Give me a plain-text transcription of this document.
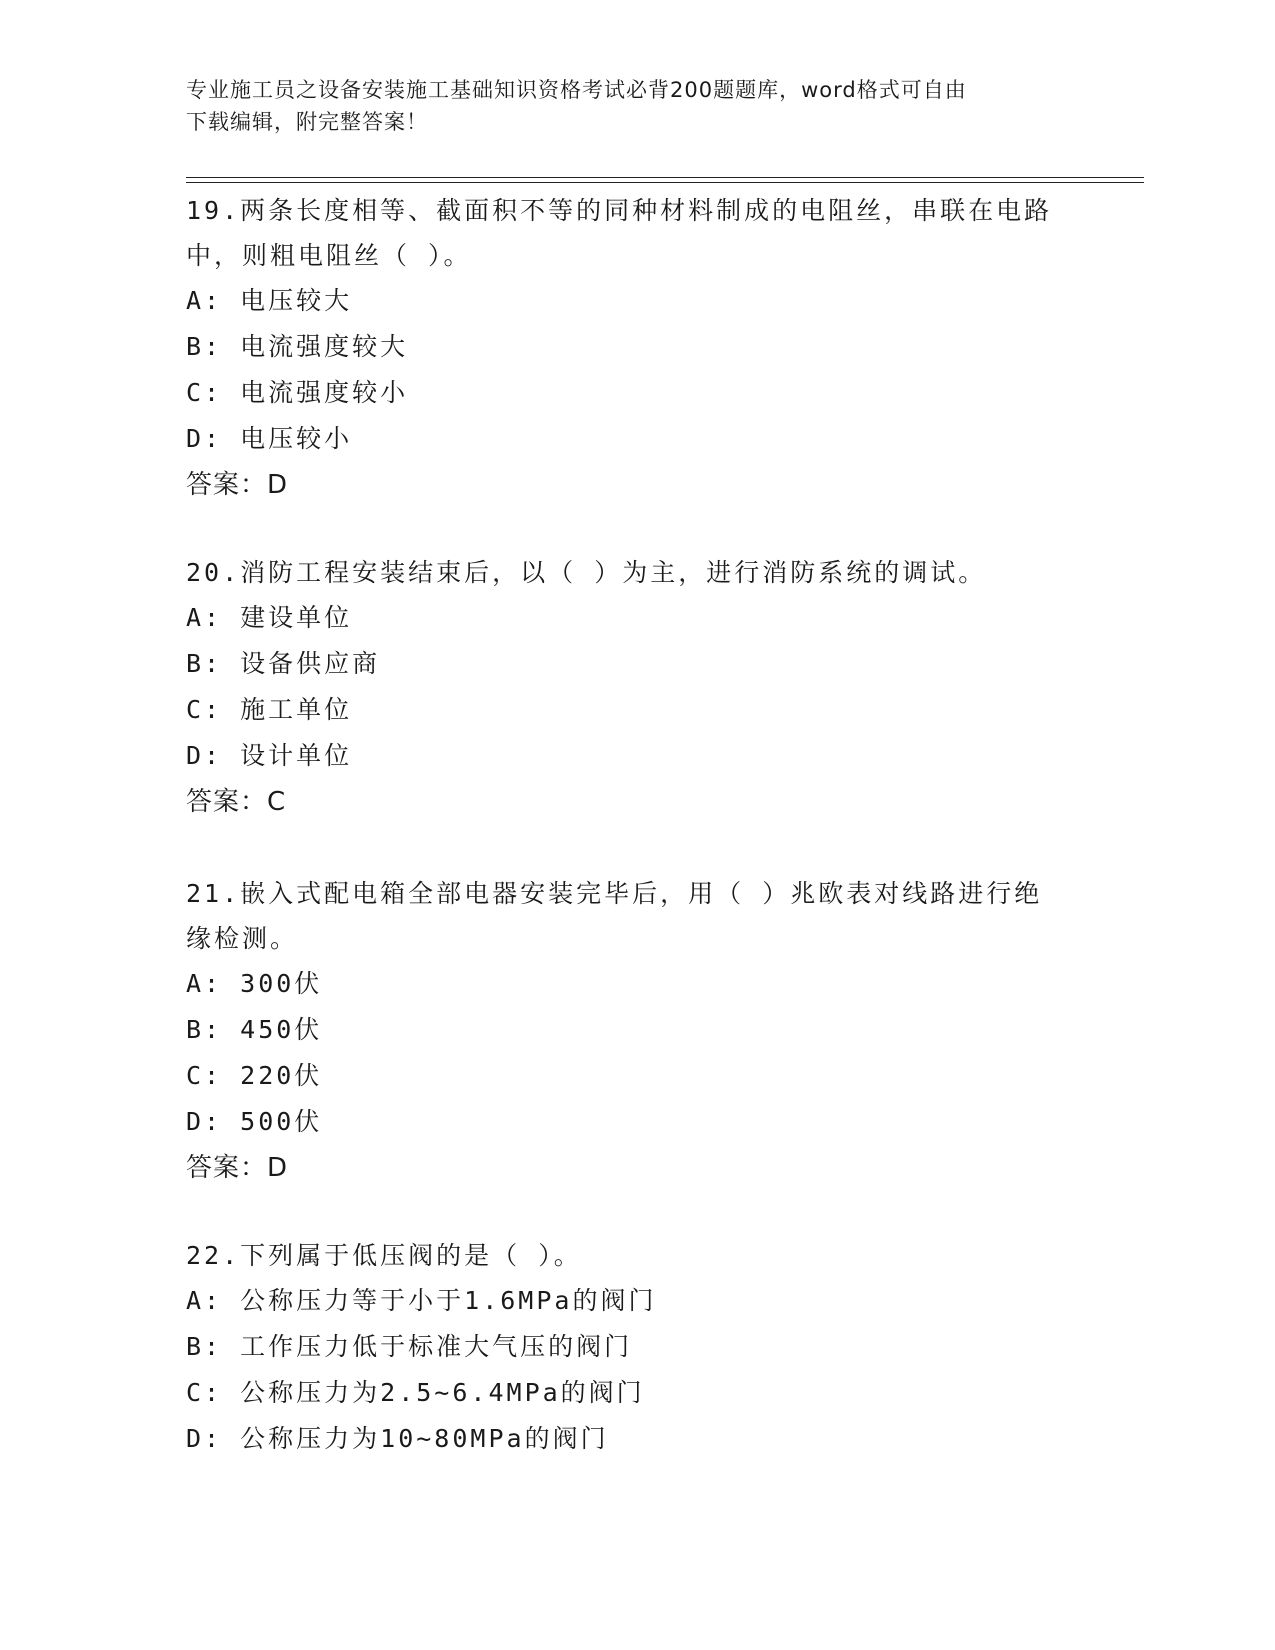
专业施工员之设备安装施工基础知识资格考试必背200题题库，word格式可自由
下载编辑，附完整答案！

19.两条长度相等、截面积不等的同种材料制成的电阻丝，串联在电路

中，则粗电阻丝（ ）。

A: 电压较大

B: 电流强度较大

C: 电流强度较小

D: 电压较小

答案：D

20.消防工程安装结束后，以（ ）为主，进行消防系统的调试。

A: 建设单位

B: 设备供应商

C: 施工单位

D: 设计单位

答案：C

21.嵌入式配电箱全部电器安装完毕后，用（ ）兆欧表对线路进行绝

缘检测。

A: 300伏

B: 450伏

C: 220伏

D: 500伏

答案：D

22.下列属于低压阀的是（ ）。

A: 公称压力等于小于1.6MPa的阀门

B: 工作压力低于标准大气压的阀门

C: 公称压力为2.5~6.4MPa的阀门

D: 公称压力为10~80MPa的阀门
